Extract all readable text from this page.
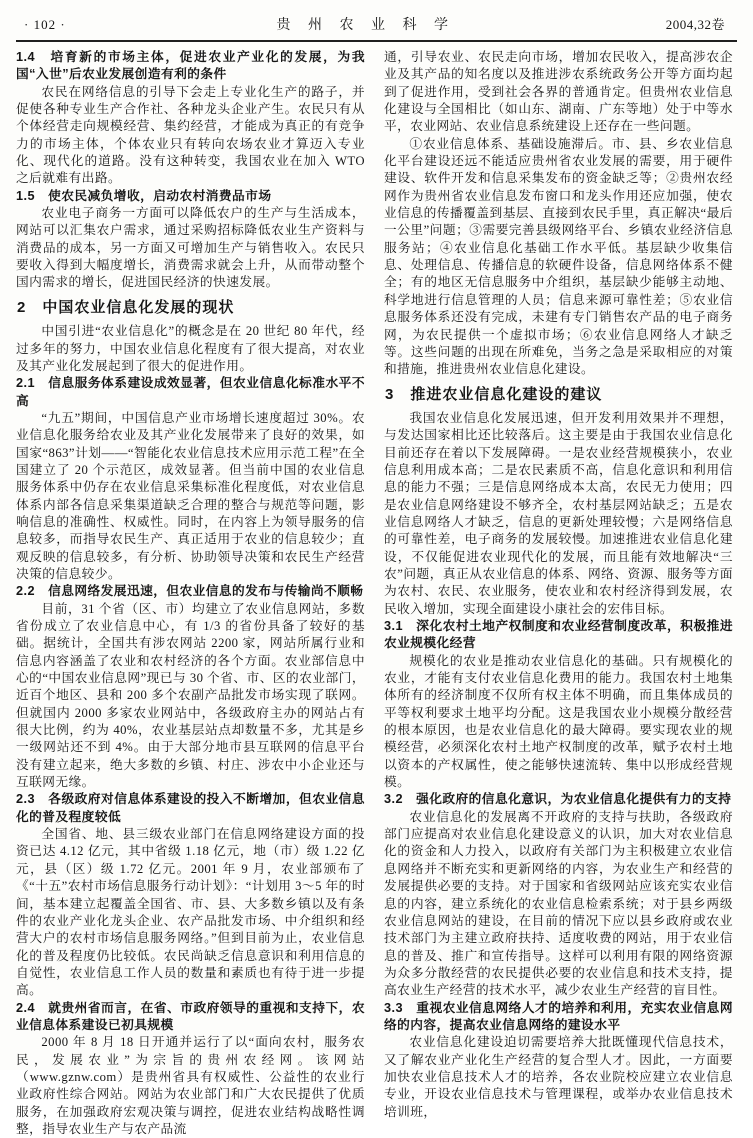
· 102 ·	贵 州 农 业 科 学	2004,32卷
1.4　培育新的市场主体，促进农业产业化的发展，为我国“入世”后农业发展创造有利的条件

农民在网络信息的引导下会走上专业化生产的路子，并促使各种专业生产合作社、各种龙头企业产生。农民只有从个体经营走向规模经营、集约经营，才能成为真正的有竞争力的市场主体，个体农业只有转向农场农业才算迈入专业化、现代化的道路。没有这种转变，我国农业在加入 WTO 之后就难有出路。

1.5　使农民减负增收，启动农村消费品市场

农业电子商务一方面可以降低农户的生产与生活成本，网站可以汇集农户需求，通过采购招标降低农业生产资料与消费品的成本，另一方面又可增加生产与销售收入。农民只要收入得到大幅度增长，消费需求就会上升，从而带动整个国内需求的增长，促进国民经济的快速发展。

2　中国农业信息化发展的现状

中国引进“农业信息化”的概念是在 20 世纪 80 年代，经过多年的努力，中国农业信息化程度有了很大提高，对农业及其产业化发展起到了很大的促进作用。

2.1　信息服务体系建设成效显著，但农业信息化标准水平不高

“九五”期间，中国信息产业市场增长速度超过 30%。农业信息化服务给农业及其产业化发展带来了良好的效果，如国家“863”计划——“智能化农业信息技术应用示范工程”在全国建立了 20 个示范区，成效显著。但当前中国的农业信息服务体系中仍存在农业信息采集标准化程度低，对农业信息体系内部各信息采集渠道缺乏合理的整合与规范等问题，影响信息的准确性、权威性。同时，在内容上为领导服务的信息较多，而指导农民生产、真正适用于农业的信息较少；直观反映的信息较多，有分析、协助领导决策和农民生产经营决策的信息较少。

2.2　信息网络发展迅速，但农业信息的发布与传输尚不顺畅

目前，31 个省（区、市）均建立了农业信息网站，多数省份成立了农业信息中心，有 1/3 的省份具备了较好的基础。据统计，全国共有涉农网站 2200 家，网站所属行业和信息内容涵盖了农业和农村经济的各个方面。农业部信息中心的“中国农业信息网”现已与 30 个省、市、区的农业部门，近百个地区、县和 200 多个农副产品批发市场实现了联网。但就国内 2000 多家农业网站中，各级政府主办的网站占有很大比例，约为 40%，农业基层站点却数量不多，尤其是乡一级网站还不到 4%。由于大部分地市县互联网的信息平台没有建立起来，绝大多数的乡镇、村庄、涉农中小企业还与互联网无缘。

2.3　各级政府对信息体系建设的投入不断增加，但农业信息化的普及程度较低

全国省、地、县三级农业部门在信息网络建设方面的投资已达 4.12 亿元，其中省级 1.18 亿元，地（市）级 1.22 亿元，县（区）级 1.72 亿元。2001 年 9 月，农业部颁布了《“十五”农村市场信息服务行动计划》：“计划用 3～5 年的时间，基本建立起覆盖全国省、市、县、大多数乡镇以及有条件的农业产业化龙头企业、农产品批发市场、中介组织和经营大户的农村市场信息服务网络。”但到目前为止，农业信息化的普及程度仍比较低。农民尚缺乏信息意识和利用信息的自觉性，农业信息工作人员的数量和素质也有待于进一步提高。

2.4　就贵州省而言，在省、市政府领导的重视和支持下，农业信息体系建设已初具规模

2000 年 8 月 18 日开通并运行了以“面向农村，服务农民，发展农业”为宗旨的贵州农经网。该网站（www.gznw.com）是贵州省具有权威性、公益性的农业行业政府性综合网站。网站为农业部门和广大农民提供了优质服务，在加强政府宏观决策与调控，促进农业结构战略性调整，指导农业生产与农产品流

通，引导农业、农民走向市场，增加农民收入，提高涉农企业及其产品的知名度以及推进涉农系统政务公开等方面均起到了促进作用，受到社会各界的普通肯定。但贵州农业信息化建设与全国相比（如山东、湖南、广东等地）处于中等水平，农业网站、农业信息系统建设上还存在一些问题。

①农业信息体系、基础设施滞后。市、县、乡农业信息化平台建设还远不能适应贵州省农业发展的需要，用于硬件建设、软件开发和信息采集发布的资金缺乏等；②贵州农经网作为贵州省农业信息发布窗口和龙头作用还应加强，使农业信息的传播覆盖到基层、直接到农民手里，真正解决“最后一公里”问题；③需要完善县级网络平台、乡镇农业经济信息服务站；④农业信息化基础工作水平低。基层缺少收集信息、处理信息、传播信息的软硬件设备，信息网络体系不健全；有的地区无信息服务中介组织，基层缺少能够主动地、科学地进行信息管理的人员；信息来源可靠性差；⑤农业信息服务体系还没有完成，未建有专门销售农产品的电子商务网，为农民提供一个虚拟市场；⑥农业信息网络人才缺乏等。这些问题的出现在所难免，当务之急是采取相应的对策和措施，推进贵州农业信息化建设。

3　推进农业信息化建设的建议

我国农业信息化发展迅速，但开发利用效果并不理想，与发达国家相比还比较落后。这主要是由于我国农业信息化目前还存在着以下发展障碍。一是农业经营规模狭小，农业信息利用成本高；二是农民素质不高，信息化意识和利用信息的能力不强；三是信息网络成本太高，农民无力使用；四是农业信息网络建设不够齐全，农村基层网站缺乏；五是农业信息网络人才缺乏，信息的更新处理较慢；六是网络信息的可靠性差，电子商务的发展较慢。加速推进农业信息化建设，不仅能促进农业现代化的发展，而且能有效地解决“三农”问题，真正从农业信息的体系、网络、资源、服务等方面为农村、农民、农业服务，使农业和农村经济得到发展，农民收入增加，实现全面建设小康社会的宏伟目标。

3.1　深化农村土地产权制度和农业经营制度改革，积极推进农业规模化经营

规模化的农业是推动农业信息化的基础。只有规模化的农业，才能有支付农业信息化费用的能力。我国农村土地集体所有的经济制度不仅所有权主体不明确，而且集体成员的平等权利要求土地平均分配。这是我国农业小规模分散经营的根本原因，也是农业信息化的最大障碍。要实现农业的规模经营，必须深化农村土地产权制度的改革，赋予农村土地以资本的产权属性，使之能够快速流转、集中以形成经营规模。

3.2　强化政府的信息化意识，为农业信息化提供有力的支持

农业信息化的发展离不开政府的支持与扶助，各级政府部门应提高对农业信息化建设意义的认识，加大对农业信息化的资金和人力投入，以政府有关部门为主积极建立农业信息网络并不断充实和更新网络的内容，为农业生产和经营的发展提供必要的支持。对于国家和省级网站应该充实农业信息的内容，建立系统化的农业信息检索系统；对于县乡两级农业信息网站的建设，在目前的情况下应以县乡政府或农业技术部门为主建立政府扶持、适度收费的网站，用于农业信息的普及、推广和宣传指导。这样可以利用有限的网络资源为众多分散经营的农民提供必要的农业信息和技术支持，提高农业生产经营的技术水平，减少农业生产经营的盲目性。

3.3　重视农业信息网络人才的培养和利用，充实农业信息网络的内容，提高农业信息网络的建设水平

农业信息化建设迫切需要培养大批既懂现代信息技术，又了解农业产业化生产经营的复合型人才。因此，一方面要加快农业信息技术人才的培养，各农业院校应建立农业信息专业，开设农业信息技术与管理课程，或举办农业信息技术培训班，
